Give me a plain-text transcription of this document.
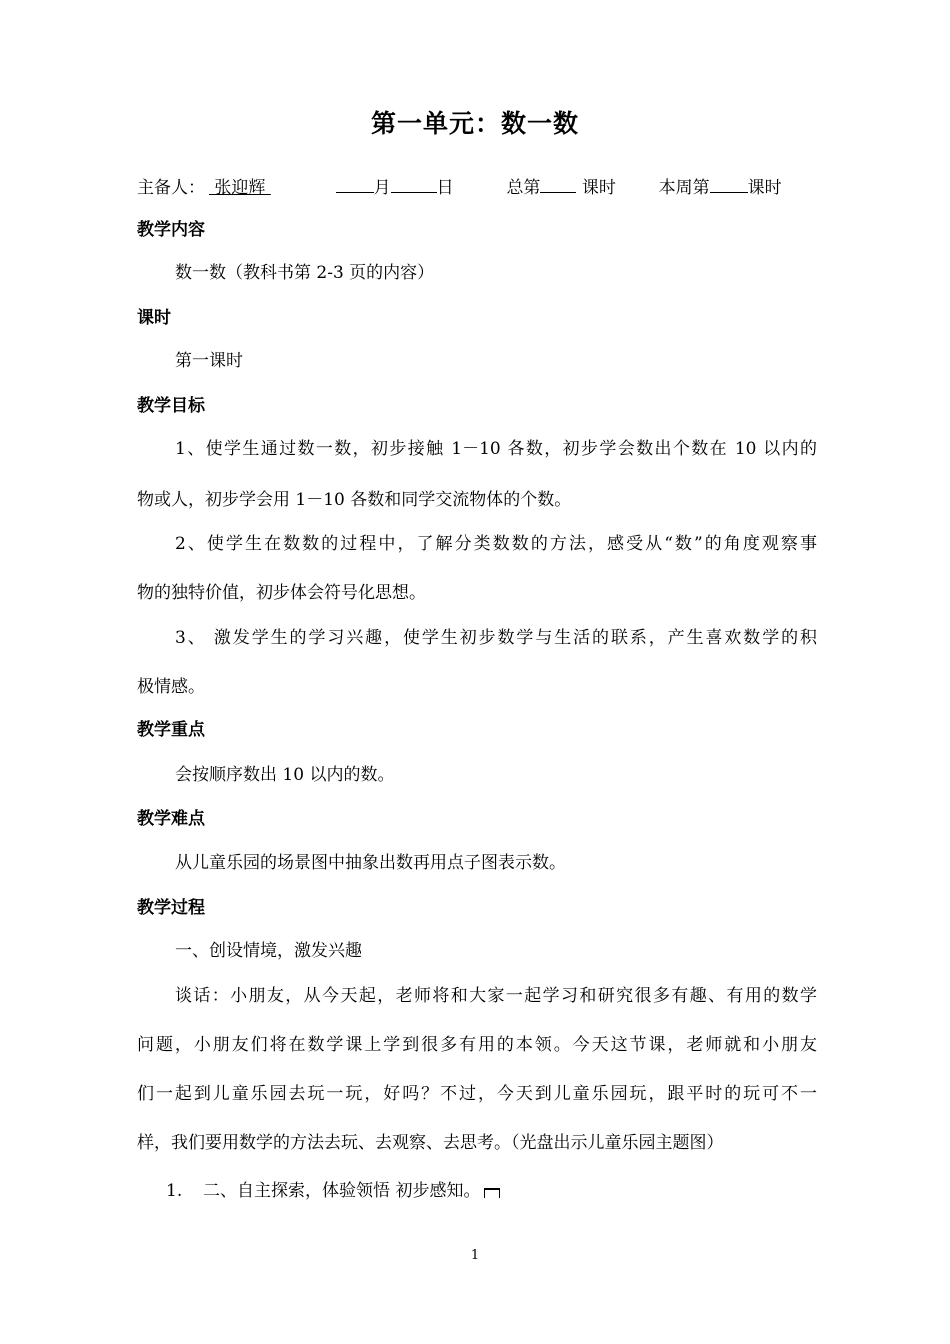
第一单元：数一数
主备人： 张迎辉	月	日	总第 课时	本周第 课时
教学内容
数一数（教科书第 2-3 页的内容）
课时
第一课时
教学目标
1、使学生通过数一数，初步接触 1－10 各数，初步学会数出个数在 10 以内的
物或人，初步学会用 1－10 各数和同学交流物体的个数。
2、使学生在数数的过程中，了解分类数数的方法，感受从“数”的角度观察事
物的独特价值，初步体会符号化思想。
3、 激发学生的学习兴趣，使学生初步数学与生活的联系，产生喜欢数学的积
极情感。
教学重点
会按顺序数出 10 以内的数。
教学难点
从儿童乐园的场景图中抽象出数再用点子图表示数。
教学过程
一、创设情境，激发兴趣
谈话：小朋友，从今天起，老师将和大家一起学习和研究很多有趣、有用的数学
问题，小朋友们将在数学课上学到很多有用的本领。今天这节课，老师就和小朋友
们一起到儿童乐园去玩一玩，好吗？不过，今天到儿童乐园玩，跟平时的玩可不一
样，我们要用数学的方法去玩、去观察、去思考。（光盘出示儿童乐园主题图）
1. 二、自主探索，体验领悟 初步感知。
1
